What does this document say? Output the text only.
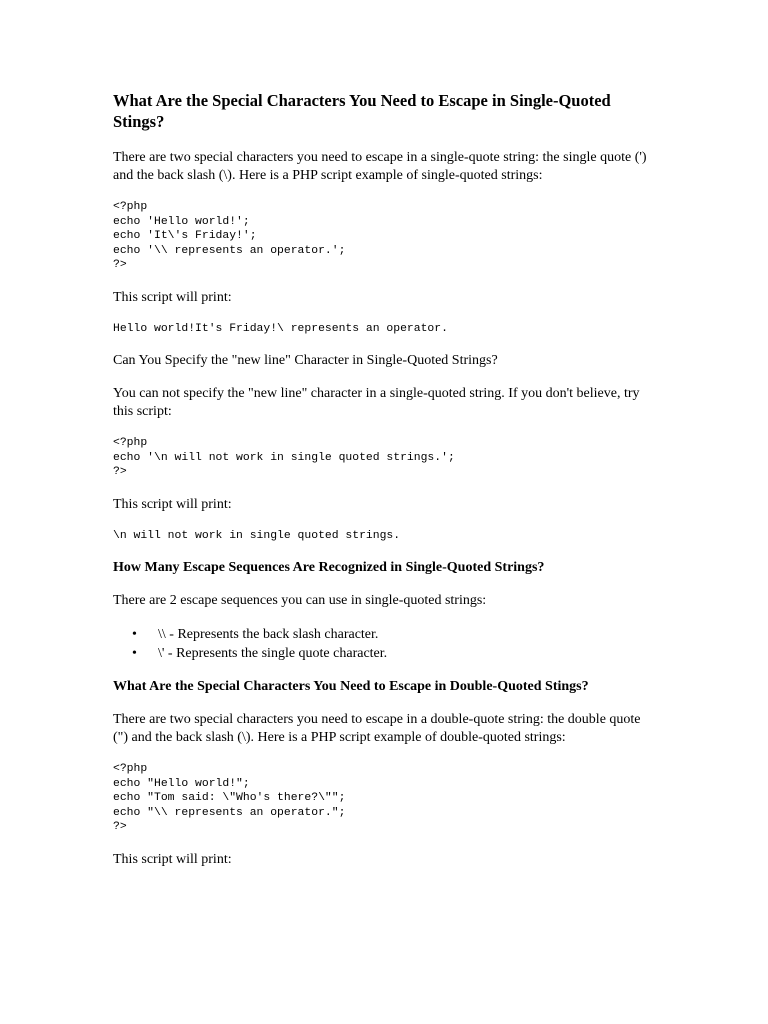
What Are the Special Characters You Need to Escape in Single-Quoted Stings?

There are two special characters you need to escape in a single-quote string: the single quote (') and the back slash (\). Here is a PHP script example of single-quoted strings:

<?php
echo 'Hello world!';
echo 'It\'s Friday!';
echo '\\ represents an operator.';
?>

This script will print:

Hello world!It's Friday!\ represents an operator.

Can You Specify the "new line" Character in Single-Quoted Strings?

You can not specify the "new line" character in a single-quoted string. If you don't believe, try this script:

<?php
echo '\n will not work in single quoted strings.';
?>

This script will print:

\n will not work in single quoted strings.
How Many Escape Sequences Are Recognized in Single-Quoted Strings?

There are 2 escape sequences you can use in single-quoted strings:

• \\ - Represents the back slash character.
• \' - Represents the single quote character.
What Are the Special Characters You Need to Escape in Double-Quoted Stings?

There are two special characters you need to escape in a double-quote string: the double quote (") and the back slash (\). Here is a PHP script example of double-quoted strings:

<?php
echo "Hello world!";
echo "Tom said: \"Who's there?\"";
echo "\\ represents an operator.";
?>

This script will print:
